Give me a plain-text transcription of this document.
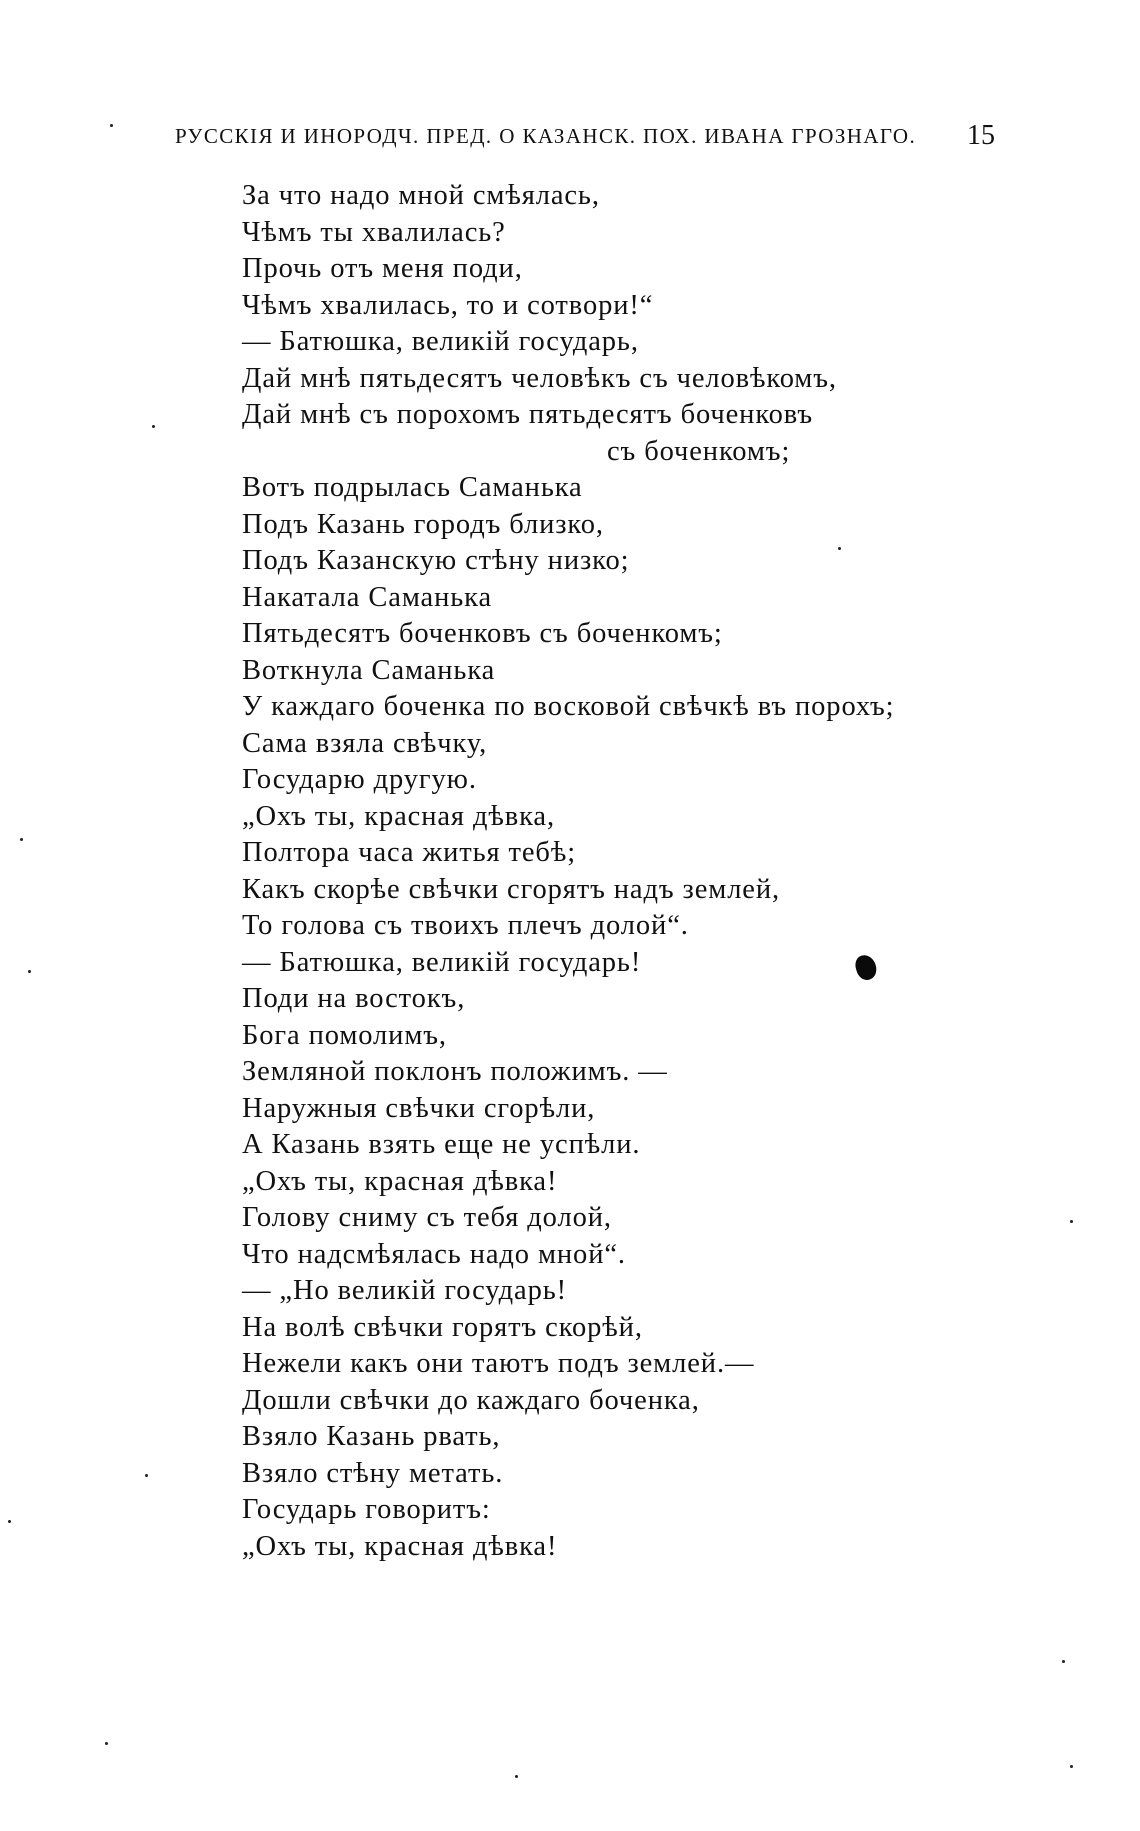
РУССКІЯ И ИНОРОДЧ. ПРЕД. О КАЗАНСК. ПОХ. ИВАНА ГРОЗНАГО. 15
За что надо мной смѣялась,
Чѣмъ ты хвалилась?
Прочь отъ меня поди,
Чѣмъ хвалилась, то и сотвори!“
— Батюшка, великій государь,
Дай мнѣ пятьдесятъ человѣкъ съ человѣкомъ,
Дай мнѣ съ порохомъ пятьдесятъ боченковъ
съ боченкомъ;
Вотъ подрылась Саманька
Подъ Казань городъ близко,
Подъ Казанскую стѣну низко;
Накатала Саманька
Пятьдесятъ боченковъ съ боченкомъ;
Воткнула Саманька
У каждаго боченка по восковой свѣчкѣ въ порохъ;
Сама взяла свѣчку,
Государю другую.
„Охъ ты, красная дѣвка,
Полтора часа житья тебѣ;
Какъ скорѣе свѣчки сгорятъ надъ землей,
То голова съ твоихъ плечъ долой“.
— Батюшка, великій государь!
Поди на востокъ,
Бога помолимъ,
Земляной поклонъ положимъ. —
Наружныя свѣчки сгорѣли,
А Казань взять еще не успѣли.
„Охъ ты, красная дѣвка!
Голову сниму съ тебя долой,
Что надсмѣялась надо мной“.
— „Но великій государь!
На волѣ свѣчки горятъ скорѣй,
Нежели какъ они таютъ подъ землей.—
Дошли свѣчки до каждаго боченка,
Взяло Казань рвать,
Взяло стѣну метать.
Государь говоритъ:
„Охъ ты, красная дѣвка!
